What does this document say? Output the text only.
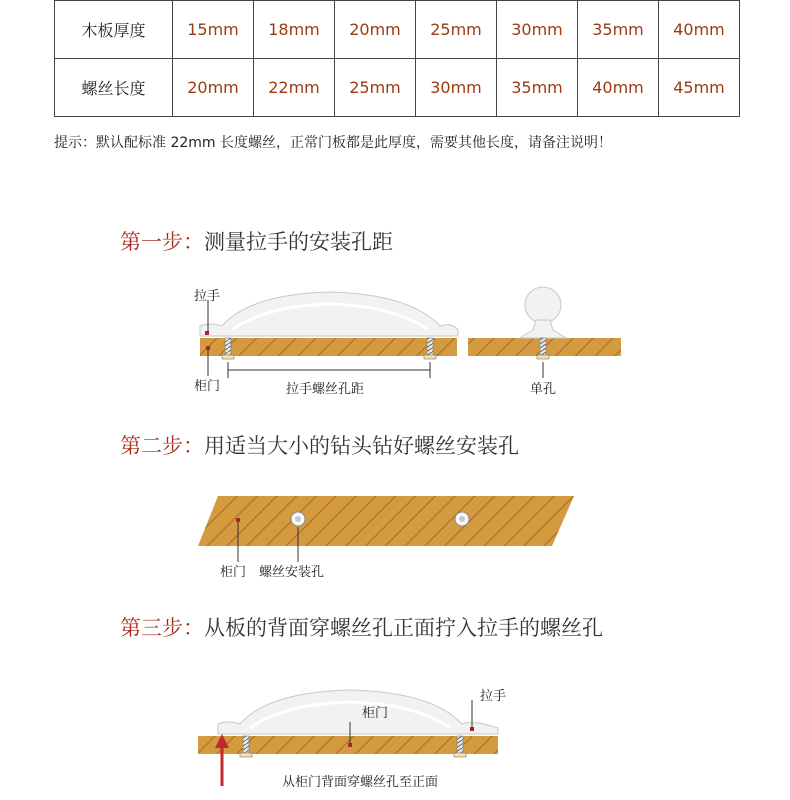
木板厚度	15mm	18mm	20mm	25mm	30mm	35mm	40mm
螺丝长度	20mm	22mm	25mm	30mm	35mm	40mm	45mm
提示：默认配标准 22mm 长度螺丝，正常门板都是此厚度，需要其他长度，请备注说明！
第一步：测量拉手的安装孔距
第二步：用适当大小的钻头钻好螺丝安装孔
第三步：从板的背面穿螺丝孔正面拧入拉手的螺丝孔
拉手
柜门	拉手螺丝孔距	单孔
柜门 螺丝安装孔
柜门
拉手
从柜门背面穿螺丝孔至正面
